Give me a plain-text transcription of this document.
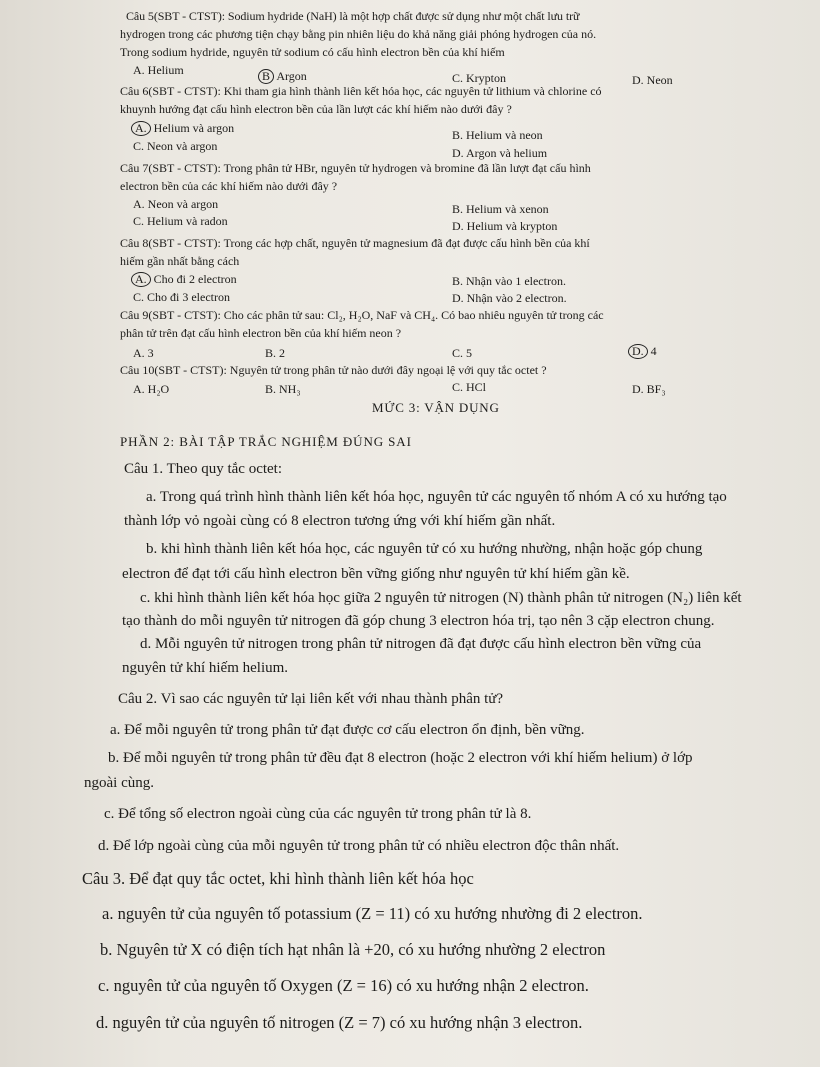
Câu 5(SBT - CTST): Sodium hydride (NaH) là một hợp chất được sử dụng như một chất lưu trữ
hydrogen trong các phương tiện chạy bằng pin nhiên liệu do khả năng giải phóng hydrogen của nó.
Trong sodium hydride, nguyên tử sodium có cấu hình electron bền của khí hiếm
A. Helium	B Argon	C. Krypton	D. Neon
Câu 6(SBT - CTST): Khi tham gia hình thành liên kết hóa học, các nguyên tử lithium và chlorine có
khuynh hướng đạt cấu hình electron bền của lần lượt các khí hiếm nào dưới đây ?
A. Helium và argon	B. Helium và neon
C. Neon và argon	D. Argon và helium
Câu 7(SBT - CTST): Trong phân tử HBr, nguyên tử hydrogen và bromine đã lần lượt đạt cấu hình
electron bền của các khí hiếm nào dưới đây ?
A. Neon và argon	B. Helium và xenon
C. Helium và radon	D. Helium và krypton
Câu 8(SBT - CTST): Trong các hợp chất, nguyên tử magnesium đã đạt được cấu hình bền của khí
hiếm gần nhất bằng cách
A. Cho đi 2 electron	B. Nhận vào 1 electron.
C. Cho đi 3 electron	D. Nhận vào 2 electron.
Câu 9(SBT - CTST): Cho các phân tử sau: Cl₂, H₂O, NaF và CH₄. Có bao nhiêu nguyên tử trong các
phân tử trên đạt cấu hình electron bền của khí hiếm neon ?
A. 3	B. 2	C. 5	D. 4
Câu 10(SBT - CTST): Nguyên tử trong phân tử nào dưới đây ngoại lệ với quy tắc octet ?
A. H₂O	B. NH₃	C. HCl	D. BF₃
MỨC 3: VẬN DỤNG
PHẦN 2: BÀI TẬP TRẮC NGHIỆM ĐÚNG SAI
Câu 1. Theo quy tắc octet:
a. Trong quá trình hình thành liên kết hóa học, nguyên tử các nguyên tố nhóm A có xu hướng tạo
thành lớp vỏ ngoài cùng có 8 electron tương ứng với khí hiếm gần nhất.
b. khi hình thành liên kết hóa học, các nguyên tử có xu hướng nhường, nhận hoặc góp chung
electron để đạt tới cấu hình electron bền vững giống như nguyên tử khí hiếm gần kề.
c. khi hình thành liên kết hóa học giữa 2 nguyên tử nitrogen (N) thành phân tử nitrogen (N₂) liên kết
tạo thành do mỗi nguyên tử nitrogen đã góp chung 3 electron hóa trị, tạo nên 3 cặp electron chung.
d. Mỗi nguyên tử nitrogen trong phân tử nitrogen đã đạt được cấu hình electron bền vững của
nguyên tử khí hiếm helium.
Câu 2. Vì sao các nguyên tử lại liên kết với nhau thành phân tử?
a. Để mỗi nguyên tử trong phân tử đạt được cơ cấu electron ổn định, bền vững.
b. Để mỗi nguyên tử trong phân tử đều đạt 8 electron (hoặc 2 electron với khí hiếm helium) ở lớp
ngoài cùng.
c. Để tổng số electron ngoài cùng của các nguyên tử trong phân tử là 8.
d. Để lớp ngoài cùng của mỗi nguyên tử trong phân tử có nhiều electron độc thân nhất.
Câu 3. Để đạt quy tắc octet, khi hình thành liên kết hóa học
a. nguyên tử của nguyên tố potassium (Z = 11) có xu hướng nhường đi 2 electron.
b. Nguyên tử X có điện tích hạt nhân là +20, có xu hướng nhường 2 electron
c. nguyên tử của nguyên tố Oxygen (Z = 16) có xu hướng nhận 2 electron.
d. nguyên tử của nguyên tố nitrogen (Z = 7) có xu hướng nhận 3 electron.
